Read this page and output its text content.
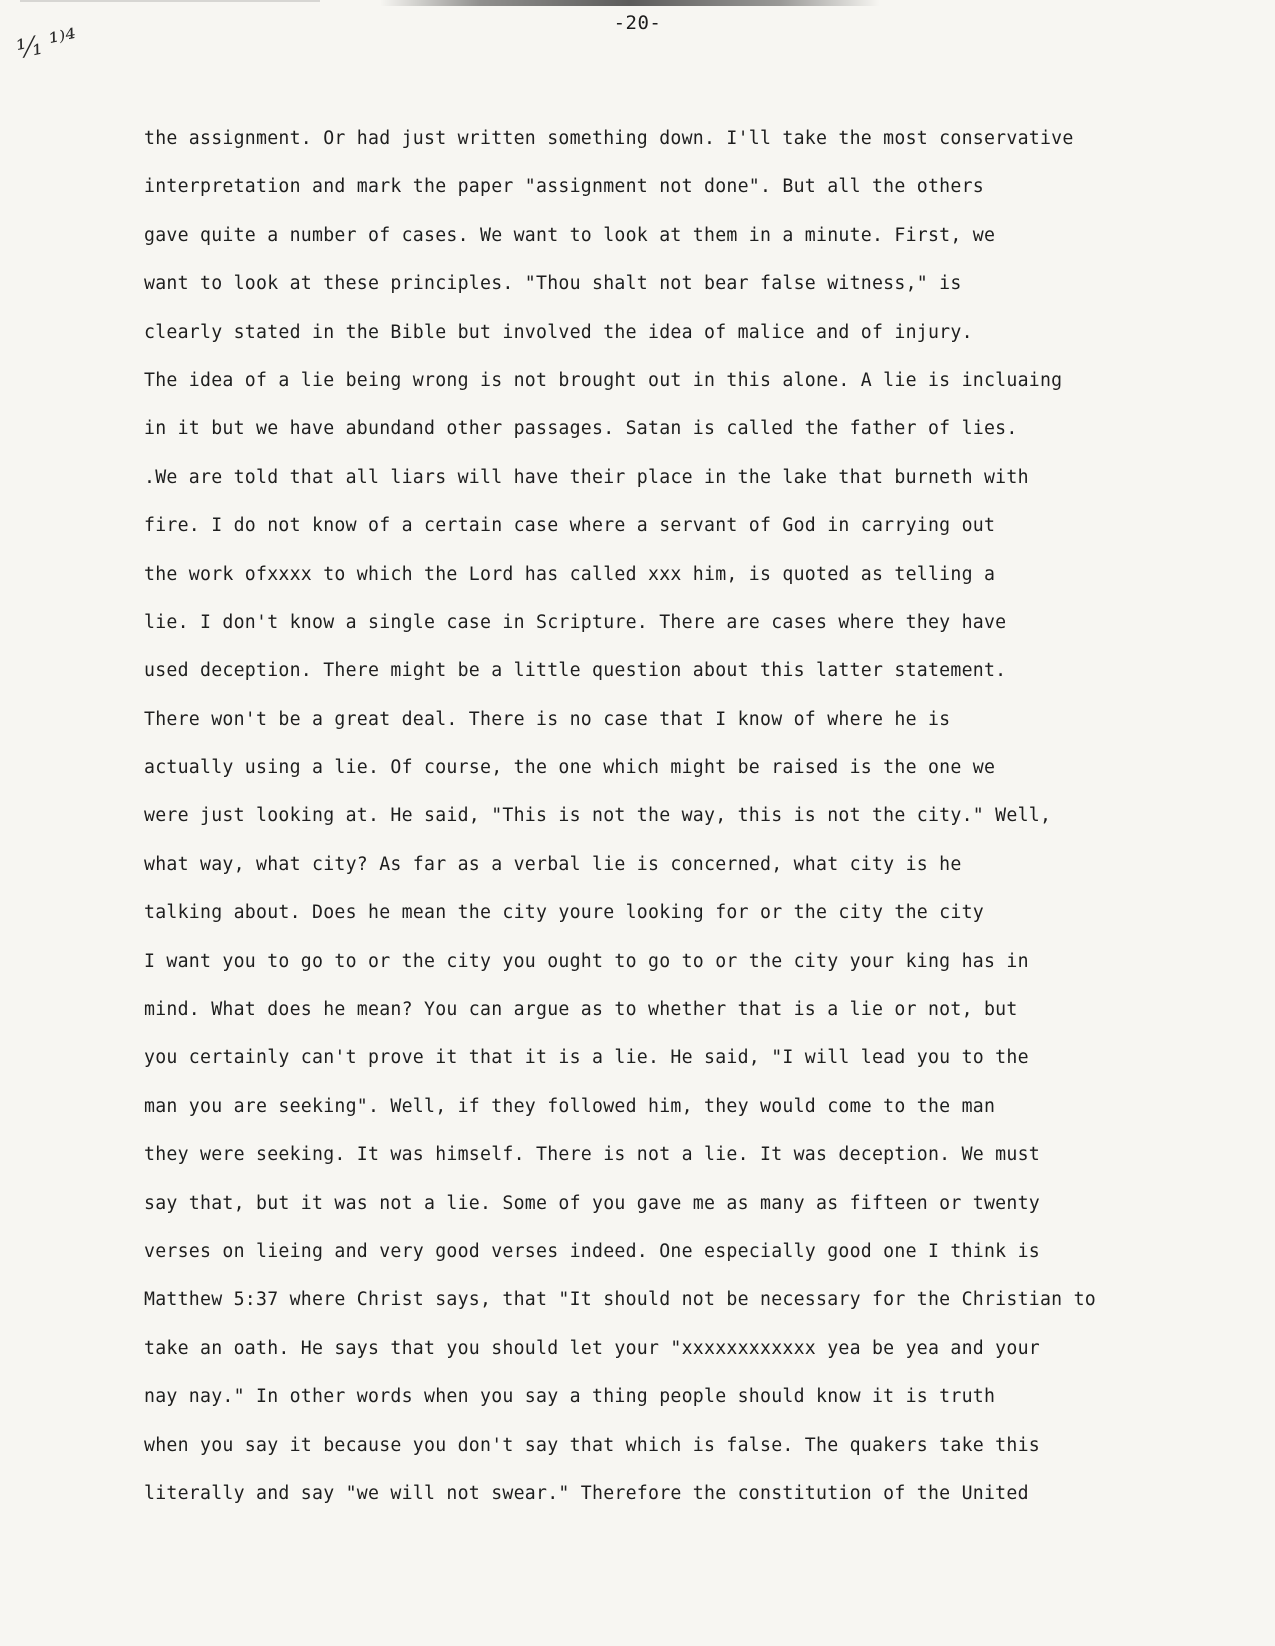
-20-
⅟₁ ¹⁾⁴
the assignment. Or had just written something down. I'll take the most conservative
interpretation and mark the paper "assignment not done". But all the others
gave quite a number of cases. We want to look at them in a minute. First, we
want to look at these principles. "Thou shalt not bear false witness," is
clearly stated in the Bible but involved the idea of malice and of injury.
The idea of a lie being wrong is not brought out in this alone. A lie is incluaing
in it but we have abundand other passages. Satan is called the father of lies.
.We are told that all liars will have their place in the lake that burneth with
fire. I do not know of a certain case where a servant of God in carrying out
the work ofxxxx to which the Lord has called xxx him, is quoted as telling a
lie. I don't know a single case in Scripture. There are cases where they have
used deception. There might be a little question about this latter statement.
There won't be a great deal. There is no case that I know of where he is
actually using a lie. Of course, the one which might be raised is the one we
were just looking at. He said, "This is not the way, this is not the city." Well,
what way, what city? As far as a verbal lie is concerned, what city is he
talking about. Does he mean the city youre looking for or the city the city
I want you to go to or the city you ought to go to or the city your king has in
mind. What does he mean? You can argue as to whether that is a lie or not, but
you certainly can't prove it that it is a lie. He said, "I will lead you to the
man you are seeking". Well, if they followed him, they would come to the man
they were seeking. It was himself. There is not a lie. It was deception. We must
say that, but it was not a lie. Some of you gave me as many as fifteen or twenty
verses on lieing and very good verses indeed. One especially good one I think is
Matthew 5:37 where Christ says, that "It should not be necessary for the Christian to
take an oath. He says that you should let your "xxxxxxxxxxxx yea be yea and your
nay nay." In other words when you say a thing people should know it is truth
when you say it because you don't say that which is false. The quakers take this
literally and say "we will not swear." Therefore the constitution of the United
